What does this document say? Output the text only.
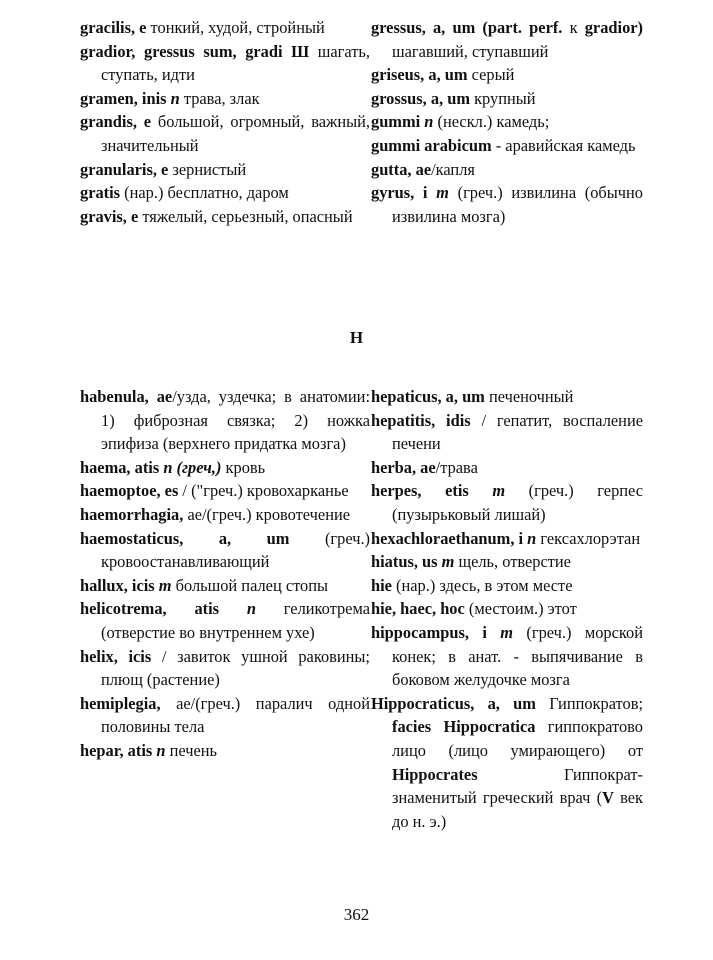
gracilis, e тонкий, худой, стройный

gradior, gressus sum, gradi Ш шагать, ступать, идти

gramen, inis n трава, злак

grandis, e большой, огромный, важный, значительный

granularis, e зернистый

gratis (нар.) бесплатно, даром

gravis, e тяжелый, серьезный, опасный

gressus, a, um (part. perf. к gradior) шагавший, ступавший

griseus, a, um серый

grossus, a, um крупный

gummi n (нескл.) камедь;

gummi arabicum - аравийская камедь

gutta, ae/капля

gyrus, i m (греч.) извилина (обычно извилина мозга)

H

habenula, ae/узда, уздечка; в анатомии: 1) фиброзная связка; 2) ножка эпифиза (верхнего придатка мозга)

haema, atis n (греч,) кровь

haemoptoe, es / ("греч.) кровохарканье

haemorrhagia, ae/(греч.) кровотечение

haemostaticus, a, um (греч.) кровоостанавливающий

hallux, icis m большой палец стопы

helicotrema, atis n геликотрема (отверстие во внутреннем ухе)

helix, icis / завиток ушной раковины; плющ (растение)

hemiplegia, ae/(греч.) паралич одной половины тела

hepar, atis n печень

hepaticus, a, um печеночный

hepatitis, idis / гепатит, воспаление печени

herba, ae/трава

herpes, etis m (греч.) герпес (пузырьковый лишай)

hexachloraethanum, i n гексахлорэтан

hiatus, us m щель, отверстие

hie (нар.) здесь, в этом месте

hie, haec, hoc (местоим.) этот

hippocampus, i m (греч.) морской конек; в анат. - выпячивание в боковом желудочке мозга

Hippocraticus, a, um Гиппократов; facies Hippocratica гиппократово лицо (лицо умирающего) от Hippocrates Гиппократ-знаменитый греческий врач (V век до н. э.)

362
